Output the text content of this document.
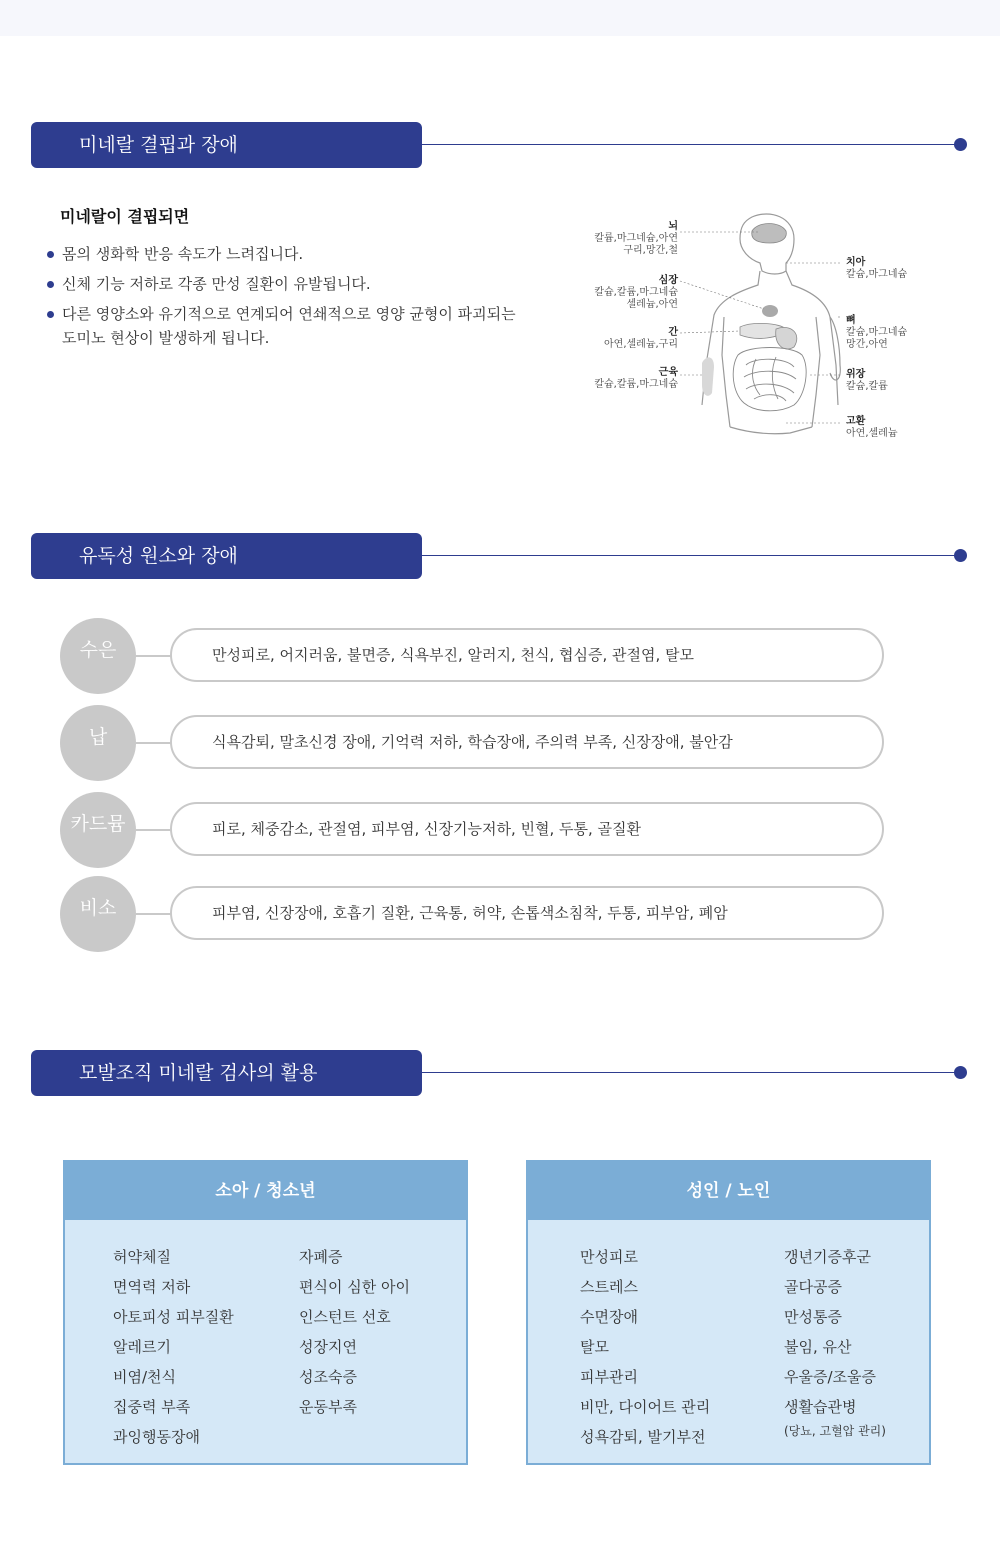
미네랄 결핍과 장애
미네랄이 결핍되면
몸의 생화학 반응 속도가 느려집니다.
신체 기능 저하로 각종 만성 질환이 유발됩니다.
다른 영양소와 유기적으로 연계되어 연쇄적으로 영양 균형이 파괴되는
도미노 현상이 발생하게 됩니다.
뇌
칼륨,마그네슘,아연
구리,망간,철
심장
칼슘,칼륨,마그네슘
셀레늄,아연
간
아연,셀레늄,구리
근육
칼슘,칼륨,마그네슘
치아
칼슘,마그네슘
뼈
칼슘,마그네슘
망간,아연
위장
칼슘,칼륨
고환
아연,셀레늄
유독성 원소와 장애
수은	만성피로, 어지러움, 불면증, 식욕부진, 알러지, 천식, 협심증, 관절염, 탈모
납	식욕감퇴, 말초신경 장애, 기억력 저하, 학습장애, 주의력 부족, 신장장애, 불안감
카드뮴	피로, 체중감소, 관절염, 피부염, 신장기능저하, 빈혈, 두통, 골질환
비소	피부염, 신장장애, 호흡기 질환, 근육통, 허약, 손톱색소침착, 두통, 피부암, 폐암
모발조직 미네랄 검사의 활용
소아 / 청소년
허약체질
면역력 저하
아토피성 피부질환
알레르기
비염/천식
집중력 부족
과잉행동장애
자폐증
편식이 심한 아이
인스턴트 선호
성장지연
성조숙증
운동부족
성인 / 노인
만성피로
스트레스
수면장애
탈모
피부관리
비만, 다이어트 관리
성욕감퇴, 발기부전
갱년기증후군
골다공증
만성통증
불임, 유산
우울증/조울증
생활습관병
(당뇨, 고혈압 관리)
